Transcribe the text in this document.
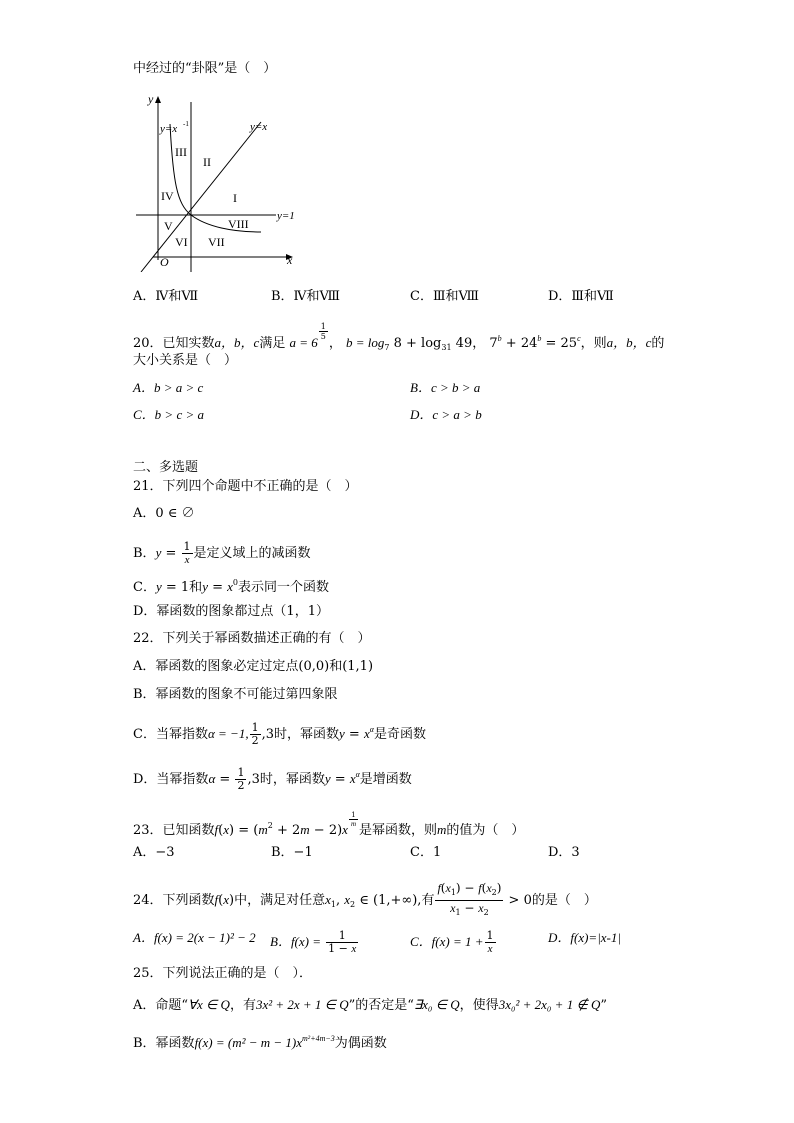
中经过的“卦限”是（　）
y
x
O
y=x -1	y=x
y=1
I
II
III
IV
V
VI VII
VIII
A．Ⅳ和Ⅶ	B．Ⅳ和Ⅷ	C．Ⅲ和Ⅷ	D．Ⅲ和Ⅶ
20．已知实数a，b，c满足 a = 6
$\frac{1}{5}$
， $b = \log_7 8 + \log_{31} 49$， $7^b + 24^b = 25^c$，则a，b，c的
大小关系是（　）
A．b > a > c	B．c > b > a
C．b > c > a	D．c > a > b
二、多选题
21．下列四个命题中不正确的是（　）
A．0 ∈ ∅
B．$y = \frac{1}{x}$ 是定义域上的减函数
C．y = 1和$y = x^0$表示同一个函数
D．幂函数的图象都过点（1，1）
22．下列关于幂函数描述正确的有（　）
A．幂函数的图象必定过定点(0,0)和(1,1)
B．幂函数的图象不可能过第四象限
C．当幂指数α = −1, $\frac{1}{2} ,3$时，幂函数$y = x^\alpha$是奇函数
D．当幂指数$\alpha = \frac{1}{2} ,3$时，幂函数$y = x^\alpha$是增函数
23．已知函数$f(x) = (m^2 + 2m - 2)x$
$\frac{1}{m}$
是幂函数，则m的值为（　）
A．−3	B．−1	C．1	D．3
24．下列函数f(x)中，满足对任意$x_1$, $x_2$ ∈ (1,+∞),有 $\frac{f(x_1) - f(x_2)}{x_1 - x_2} > 0$的是（　）
A．f(x) = 2(x − 1)² − 2 B．$f(x) = \frac{1}{1 - x}$	C．$f(x) = 1 + \frac{1}{x}$	D．f(x)=|x-1|
25．下列说法正确的是（　）．
A．命题“∀x ∈ Q，有3x² + 2x + 1 ∈ Q”的否定是“∃x₀ ∈ Q，使得3x₀² + 2x₀ + 1 ∉ Q”
B．幂函数$f(x) = (m^2 - m - 1)x^{m^2+4m-3}$为偶函数
